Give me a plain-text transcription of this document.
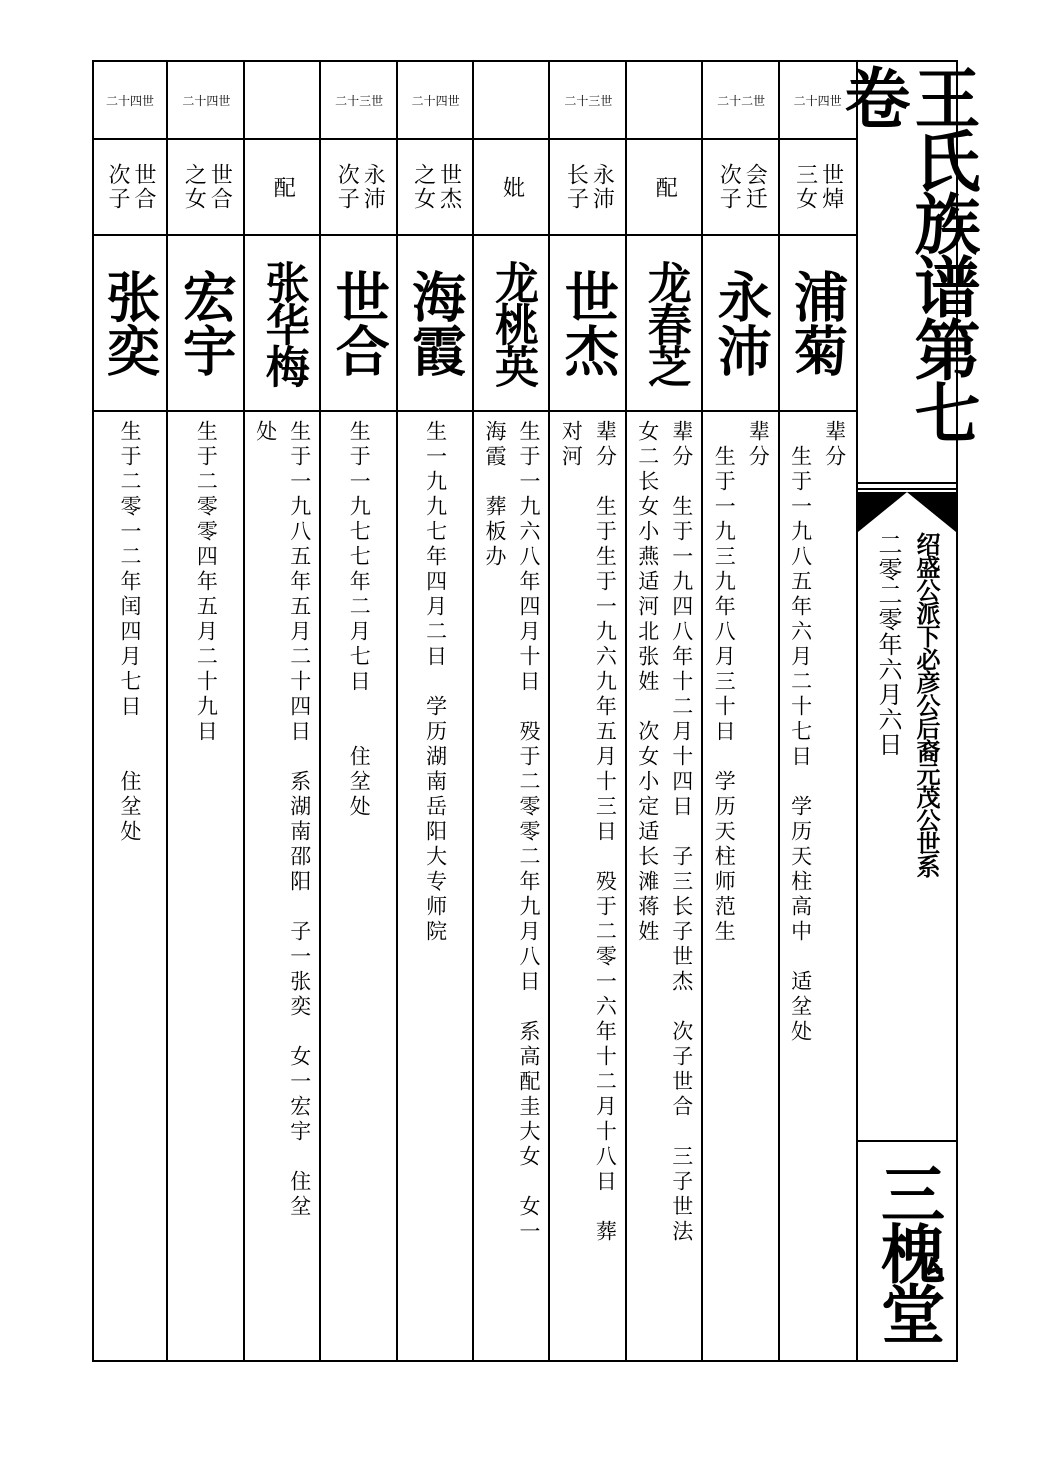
二十四世
世焯
三女
浦菊
辈分
　生于一九八五年六月二十七日　学历天柱高中　适坌处
二十二世
会迁
次子
永沛
辈分
　生于一九三九年八月三十日　学历天柱师范生
配
龙春芝
辈分　生于一九四八年十二月十四日　子三长子世杰　次子世合　三子世法
女二长女小燕适河北张姓　次女小定适长滩蒋姓
二十三世
永沛
长子
世杰
辈分　生于生于一九六九年五月十三日　殁于二零一六年十二月十八日　葬
对河
妣
龙桃英
生于一九六八年四月十日　殁于二零零二年九月八日　系高配圭大女　女一
海霞　葬板办
二十四世
世杰
之女
海霞
生一九九七年四月二日　学历湖南岳阳大专师院
二十三世
永沛
次子
世合
生于一九七七年二月七日　　住坌处
配
张华梅
生于一九八五年五月二十四日　系湖南邵阳　子一张奕　女一宏宇　住坌
处
二十四世
世合
之女
宏宇
生于二零零四年五月二十九日
二十四世
世合
次子
张奕
生于二零一二年闰四月七日　　住坌处
王氏族谱第七卷
绍盛公派下必彦公后裔元茂公世系
二零二零年六月六日
三槐堂
